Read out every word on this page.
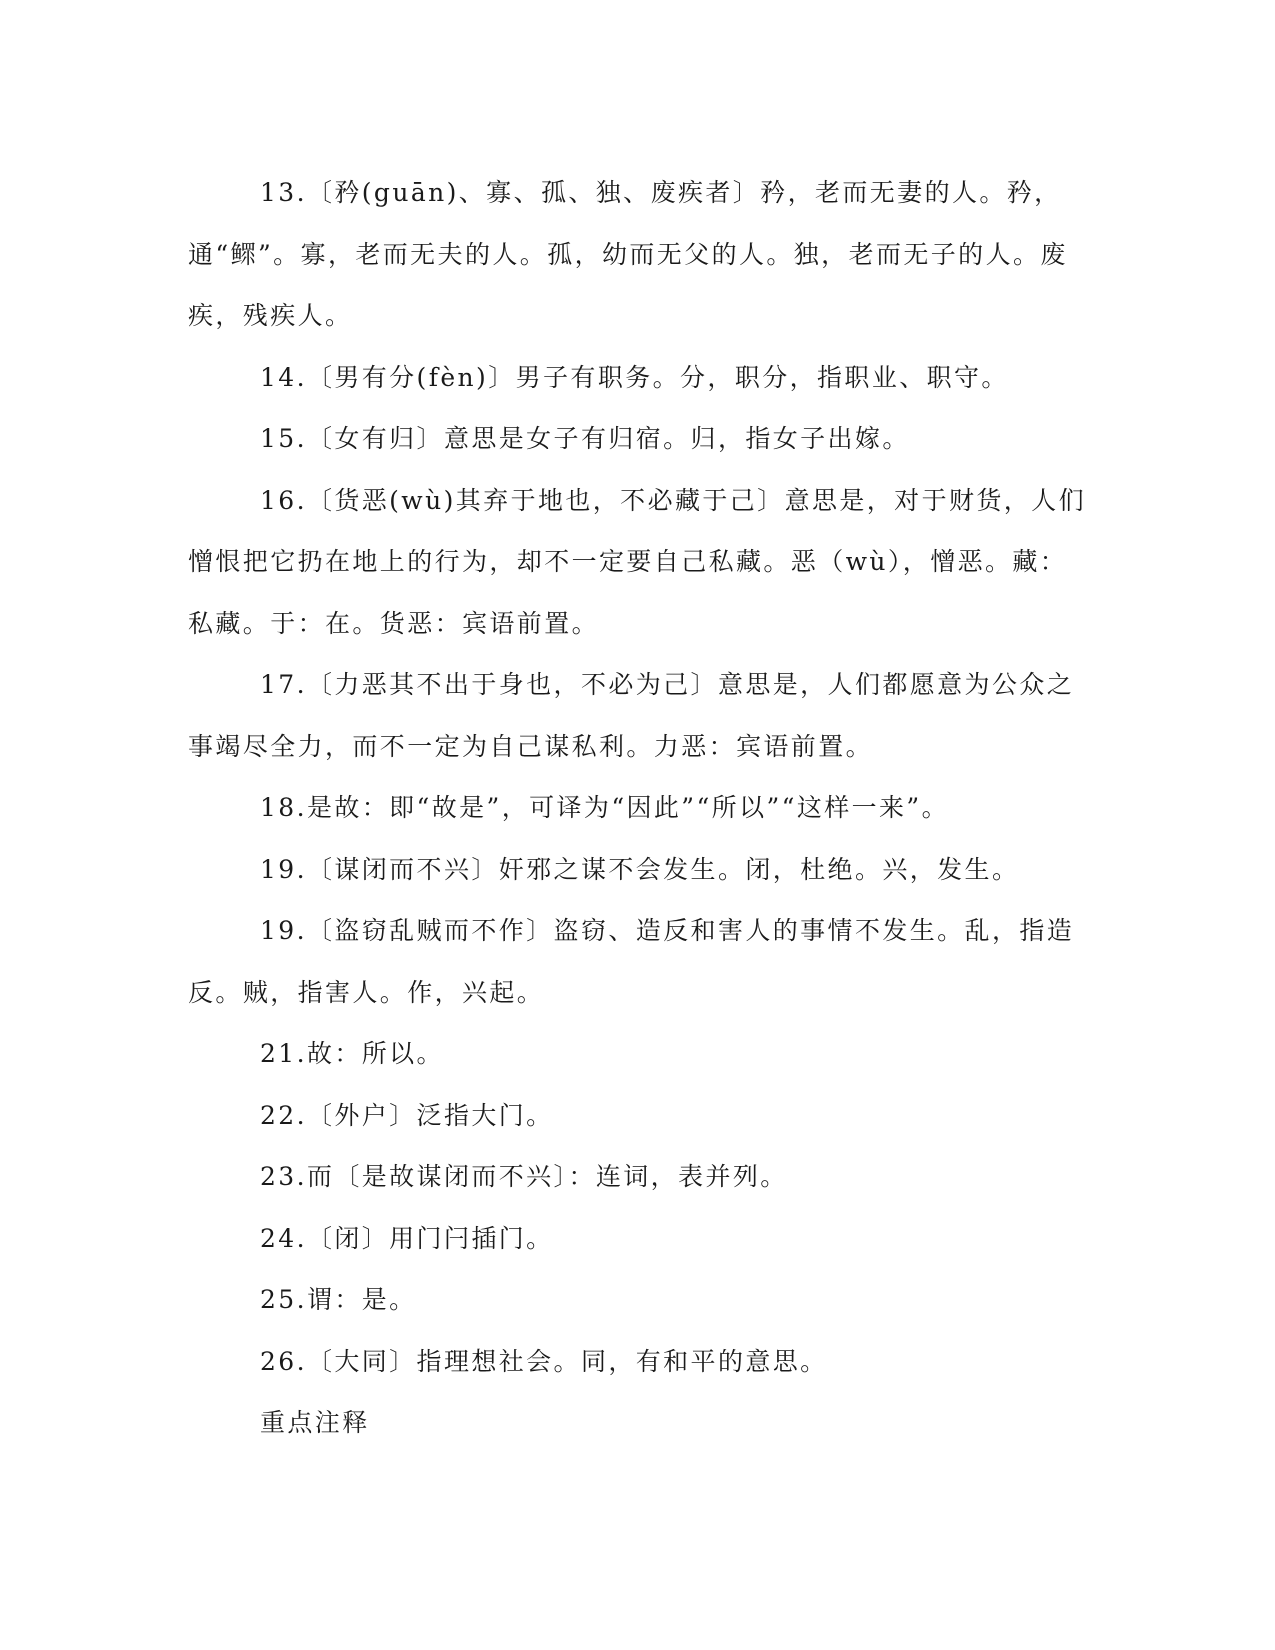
13.〔矜(guān)、寡、孤、独、废疾者〕矜，老而无妻的人。矜，通“鳏”。寡，老而无夫的人。孤，幼而无父的人。独，老而无子的人。废疾，残疾人。

14.〔男有分(fèn)〕男子有职务。分，职分，指职业、职守。

15.〔女有归〕意思是女子有归宿。归，指女子出嫁。

16.〔货恶(wù)其弃于地也，不必藏于己〕意思是，对于财货，人们憎恨把它扔在地上的行为，却不一定要自己私藏。恶（wù），憎恶。藏：私藏。于：在。货恶：宾语前置。

17.〔力恶其不出于身也，不必为己〕意思是，人们都愿意为公众之事竭尽全力，而不一定为自己谋私利。力恶：宾语前置。

18.是故：即“故是”，可译为“因此”“所以”“这样一来”。

19.〔谋闭而不兴〕奸邪之谋不会发生。闭，杜绝。兴，发生。

19.〔盗窃乱贼而不作〕盗窃、造反和害人的事情不发生。乱，指造反。贼，指害人。作，兴起。

21.故：所以。

22.〔外户〕泛指大门。

23.而〔是故谋闭而不兴〕：连词，表并列。

24.〔闭〕用门闩插门。

25.谓：是。

26.〔大同〕指理想社会。同，有和平的意思。

重点注释
